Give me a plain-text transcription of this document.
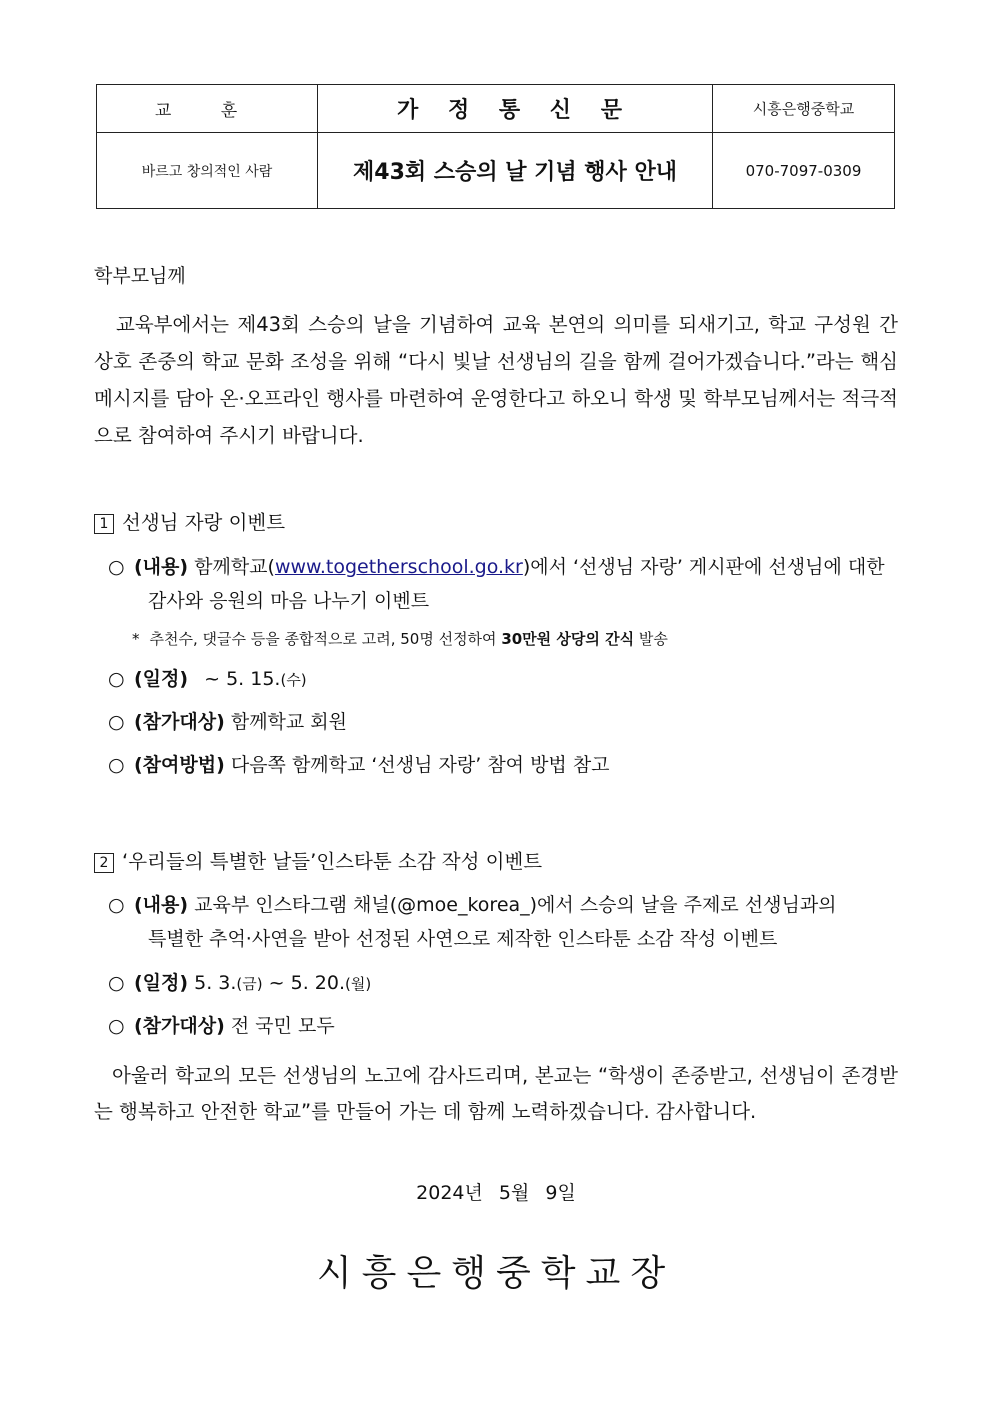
교 훈	가 정 통 신 문	시흥은행중학교
바르고 창의적인 사람	제43회 스승의 날 기념 행사 안내	070-7097-0309
학부모님께
교육부에서는 제43회 스승의 날을 기념하여 교육 본연의 의미를 되새기고, 학교 구성원 간 상호 존중의 학교 문화 조성을 위해 “다시 빛날 선생님의 길을 함께 걸어가겠습니다.”라는 핵심 메시지를 담아 온·오프라인 행사를 마련하여 운영한다고 하오니 학생 및 학부모님께서는 적극적으로 참여하여 주시기 바랍니다.
1 선생님 자랑 이벤트
○ (내용) 함께학교(www.togetherschool.go.kr)에서 ‘선생님 자랑’ 게시판에 선생님에 대한
감사와 응원의 마음 나누기 이벤트
* 추천수, 댓글수 등을 종합적으로 고려, 50명 선정하여 30만원 상당의 간식 발송
○ (일정) ~ 5. 15.(수)
○ (참가대상) 함께학교 회원
○ (참여방법) 다음쪽 함께학교 ‘선생님 자랑’ 참여 방법 참고
2 ‘우리들의 특별한 날들’인스타툰 소감 작성 이벤트
○ (내용) 교육부 인스타그램 채널(@moe_korea_)에서 스승의 날을 주제로 선생님과의
특별한 추억·사연을 받아 선정된 사연으로 제작한 인스타툰 소감 작성 이벤트
○ (일정) 5. 3.(금) ~ 5. 20.(월)
○ (참가대상) 전 국민 모두
아울러 학교의 모든 선생님의 노고에 감사드리며, 본교는 “학생이 존중받고, 선생님이 존경받는 행복하고 안전한 학교”를 만들어 가는 데 함께 노력하겠습니다. 감사합니다.
2024년 5월 9일
시흥은행중학교장
